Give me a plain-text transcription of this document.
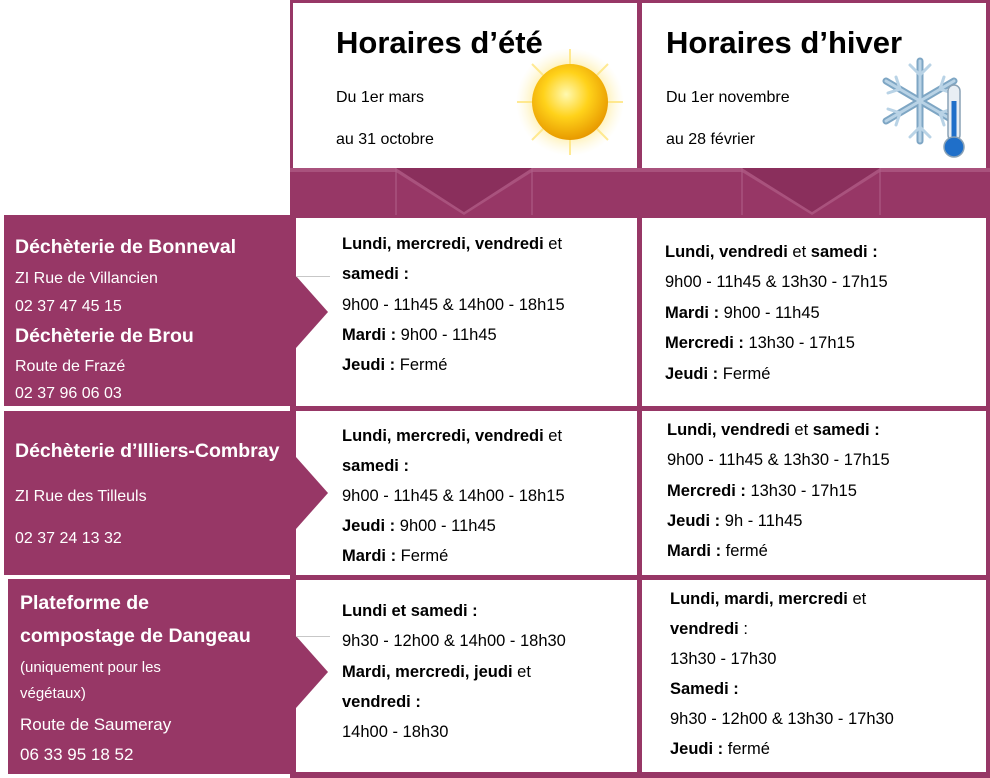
Horaires d’été
Du 1er mars
au 31 octobre
Horaires d’hiver
Du 1er novembre
au 28 février
Déchèterie de Bonneval
ZI Rue de Villancien
02 37 47 45 15
Déchèterie de Brou
Route de Frazé
02 37 96 06 03
Déchèterie d’Illiers-Combray
ZI Rue des Tilleuls
02 37 24 13 32
Plateforme de
compostage de Dangeau
(uniquement pour les
végétaux)
Route de Saumeray
06 33 95 18 52
Lundi, mercredi, vendredi et
samedi :
9h00 - 11h45 & 14h00 - 18h15
Mardi : 9h00 - 11h45
Jeudi : Fermé
Lundi, vendredi et samedi :
9h00 - 11h45 & 13h30 - 17h15
Mardi : 9h00 - 11h45
Mercredi : 13h30 - 17h15
Jeudi : Fermé
Lundi, mercredi, vendredi et
samedi :
9h00 - 11h45 & 14h00 - 18h15
Jeudi : 9h00 - 11h45
Mardi : Fermé
Lundi, vendredi et samedi :
9h00 - 11h45 & 13h30 - 17h15
Mercredi : 13h30 - 17h15
Jeudi : 9h - 11h45
Mardi : fermé
Lundi et samedi :
9h30 - 12h00 & 14h00 - 18h30
Mardi, mercredi, jeudi et
vendredi :
14h00 - 18h30
Lundi, mardi, mercredi et
vendredi :
13h30 - 17h30
Samedi :
9h30 - 12h00 & 13h30 - 17h30
Jeudi : fermé
